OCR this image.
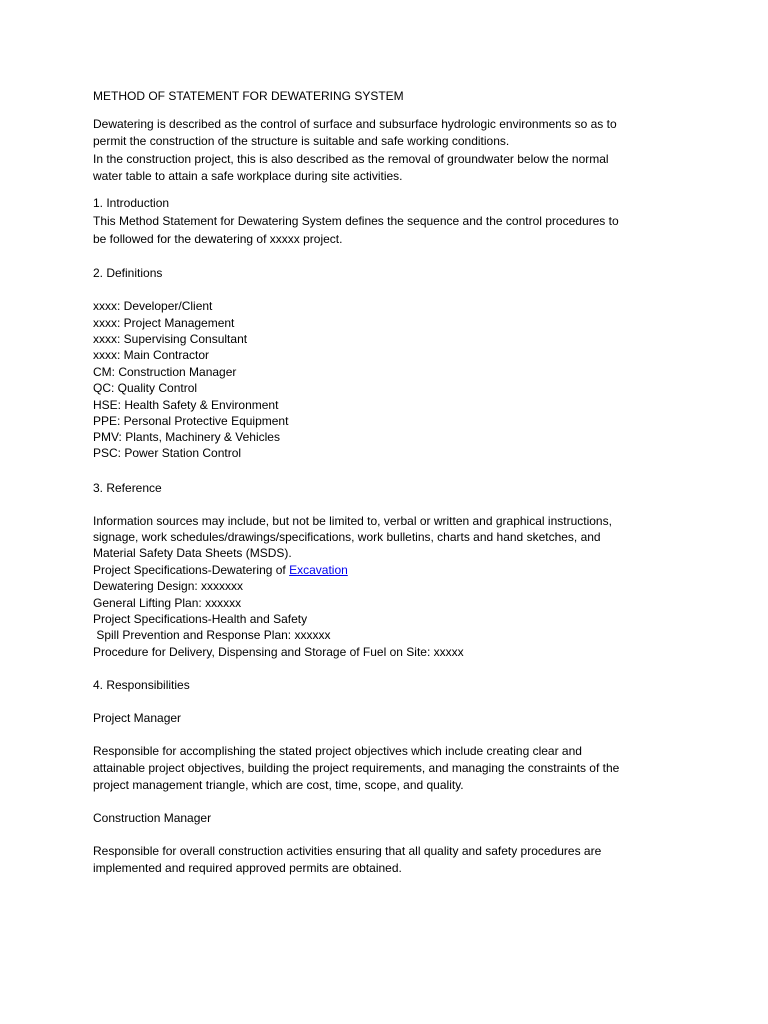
METHOD OF STATEMENT FOR DEWATERING SYSTEM
Dewatering is described as the control of surface and subsurface hydrologic environments so as to
permit the construction of the structure is suitable and safe working conditions.
In the construction project, this is also described as the removal of groundwater below the normal
water table to attain a safe workplace during site activities.
1. Introduction
This Method Statement for Dewatering System defines the sequence and the control procedures to
be followed for the dewatering of xxxxx project.
2. Definitions
xxxx: Developer/Client
xxxx: Project Management
xxxx: Supervising Consultant
xxxx: Main Contractor
CM: Construction Manager
QC: Quality Control
HSE: Health Safety & Environment
PPE: Personal Protective Equipment
PMV: Plants, Machinery & Vehicles
PSC: Power Station Control
3. Reference
Information sources may include, but not be limited to, verbal or written and graphical instructions,
signage, work schedules/drawings/specifications, work bulletins, charts and hand sketches, and
Material Safety Data Sheets (MSDS).
Project Specifications-Dewatering of Excavation
Dewatering Design: xxxxxxx
General Lifting Plan: xxxxxx
Project Specifications-Health and Safety
Spill Prevention and Response Plan: xxxxxx
Procedure for Delivery, Dispensing and Storage of Fuel on Site: xxxxx
4. Responsibilities
Project Manager
Responsible for accomplishing the stated project objectives which include creating clear and
attainable project objectives, building the project requirements, and managing the constraints of the
project management triangle, which are cost, time, scope, and quality.
Construction Manager
Responsible for overall construction activities ensuring that all quality and safety procedures are
implemented and required approved permits are obtained.
